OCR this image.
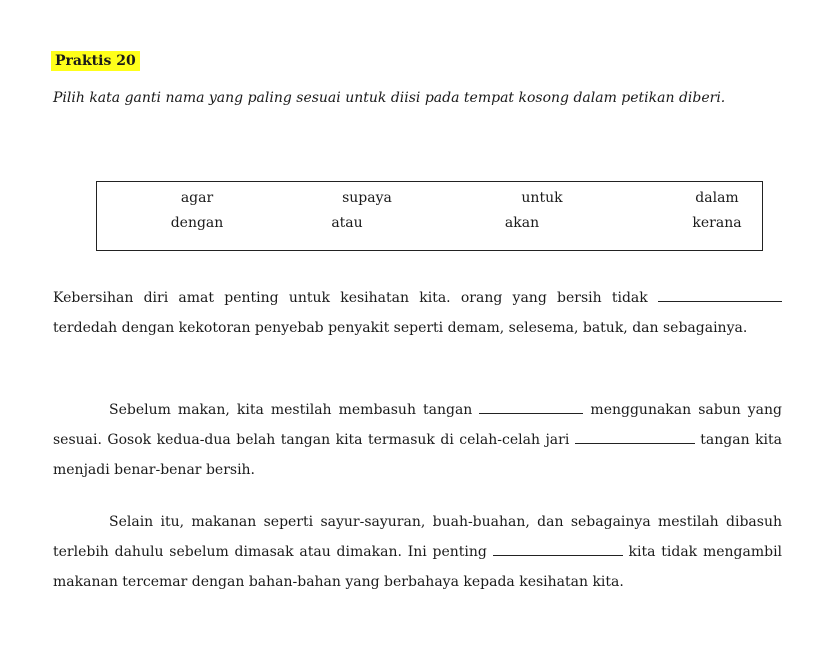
Praktis 20
Pilih kata ganti nama yang paling sesuai untuk diisi pada tempat kosong dalam petikan diberi.
agar	supaya	untuk	dalam
dengan	atau	akan	kerana

Kebersihan diri amat penting untuk kesihatan kita. orang yang bersih tidak  terdedah dengan kekotoran penyebab penyakit seperti demam, selesema, batuk, dan sebagainya.

Sebelum makan, kita mestilah membasuh tangan	menggunakan sabun yang sesuai. Gosok kedua-dua belah tangan kita termasuk di celah-celah jari	tangan kita menjadi benar-benar bersih.

Selain itu, makanan seperti sayur-sayuran, buah-buahan, dan sebagainya mestilah dibasuh terlebih dahulu sebelum dimasak atau dimakan. Ini penting	kita tidak mengambil makanan tercemar dengan bahan-bahan yang berbahaya kepada kesihatan kita.
